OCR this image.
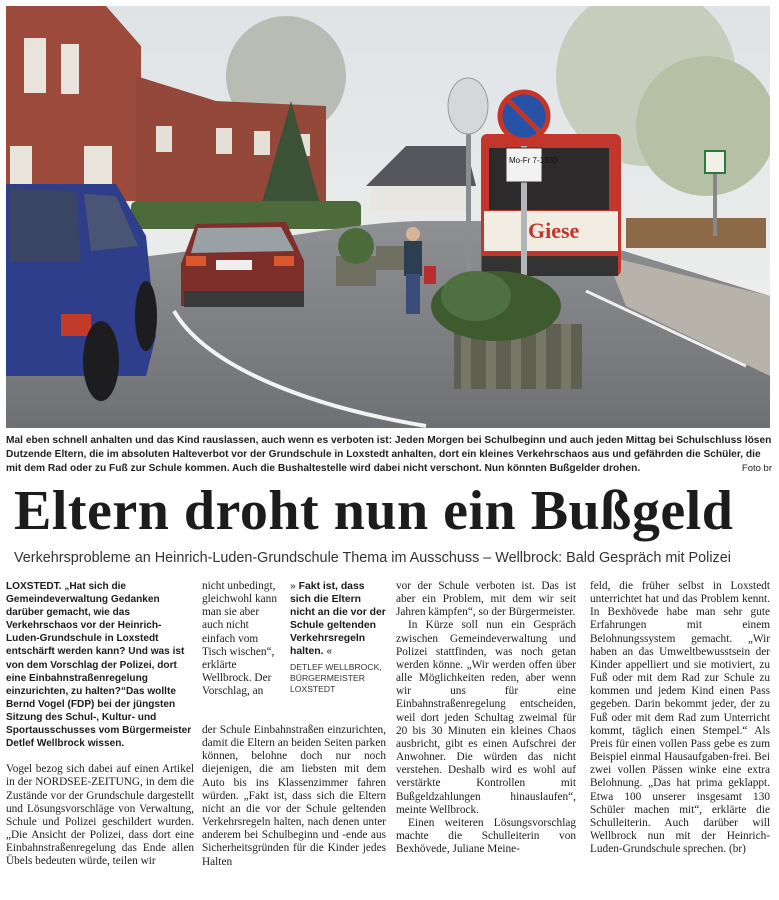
Giese
Mo-Fr 7-1330
Mal eben schnell anhalten und das Kind rauslassen, auch wenn es verboten ist: Jeden Morgen bei Schulbeginn und auch jeden Mittag bei Schulschluss lösen Dutzende Eltern, die im absoluten Halteverbot vor der Grundschule in Loxstedt anhalten, dort ein kleines Verkehrschaos aus und gefährden die Schüler, die mit dem Rad oder zu Fuß zur Schule kommen. Auch die Bushaltestelle wird dabei nicht verschont. Nun könnten Bußgelder drohen.	Foto br
Eltern droht nun ein Bußgeld
Verkehrsprobleme an Heinrich-Luden-Grundschule Thema im Ausschuss – Wellbrock: Bald Gespräch mit Polizei

LOXSTEDT. „Hat sich die Gemeindeverwaltung Gedanken darüber gemacht, wie das Verkehrschaos vor der Heinrich-Luden-Grundschule in Loxstedt entschärft werden kann? Und was ist von dem Vorschlag der Polizei, dort eine Einbahnstraßenregelung einzurichten, zu halten?“Das wollte Bernd Vogel (FDP) bei der jüngsten Sitzung des Schul-, Kultur- und Sportausschusses vom Bürgermeister Detlef Wellbrock wissen.

Vogel bezog sich dabei auf einen Artikel in der NORDSEE-ZEITUNG, in dem die Zustände vor der Grundschule dargestellt und Lösungsvorschläge von Verwaltung, Schule und Polizei geschildert wurden. „Die Ansicht der Polizei, dass dort eine Einbahnstraßenregelung das Ende allen Übels bedeuten würde, teilen wir

nicht unbedingt, gleichwohl kann man sie aber auch nicht einfach vom Tisch wischen“, erklärte Wellbrock. Der Vorschlag, an

» Fakt ist, dass sich die Eltern nicht an die vor der Schule geltenden Verkehrsregeln halten. «
DETLEF WELLBROCK,
BÜRGERMEISTER
LOXSTEDT

der Schule Einbahnstraßen einzurichten, damit die Eltern an beiden Seiten parken können, belohne doch nur noch diejenigen, die am liebsten mit dem Auto bis ins Klassenzimmer fahren würden. „Fakt ist, dass sich die Eltern nicht an die vor der Schule geltenden Verkehrsregeln halten, nach denen unter anderem bei Schulbeginn und -ende aus Sicherheitsgründen für die Kinder jedes Halten

vor der Schule verboten ist. Das ist aber ein Problem, mit dem wir seit Jahren kämpfen“, so der Bürgermeister.

In Kürze soll nun ein Gespräch zwischen Gemeindeverwaltung und Polizei stattfinden, was noch getan werden könne. „Wir werden offen über alle Möglichkeiten reden, aber wenn wir uns für eine Einbahnstraßenregelung entscheiden, weil dort jeden Schultag zweimal für 20 bis 30 Minuten ein kleines Chaos ausbricht, gibt es einen Aufschrei der Anwohner. Die würden das nicht verstehen. Deshalb wird es wohl auf verstärkte Kontrollen mit Bußgeldzahlungen hinauslaufen“, meinte Wellbrock.

Einen weiteren Lösungsvorschlag machte die Schulleiterin von Bexhövede, Juliane Meine-

feld, die früher selbst in Loxstedt unterrichtet hat und das Problem kennt. In Bexhövede habe man sehr gute Erfahrungen mit einem Belohnungssystem gemacht. „Wir haben an das Umweltbewusstsein der Kinder appelliert und sie motiviert, zu Fuß oder mit dem Rad zur Schule zu kommen und jedem Kind einen Pass gegeben. Darin bekommt jeder, der zu Fuß oder mit dem Rad zum Unterricht kommt, täglich einen Stempel.“ Als Preis für einen vollen Pass gebe es zum Beispiel einmal Hausaufgaben-frei. Bei zwei vollen Pässen winke eine extra Belohnung. „Das hat prima geklappt. Etwa 100 unserer insgesamt 130 Schüler machen mit“, erklärte die Schulleiterin. Auch darüber will Wellbrock nun mit der Heinrich-Luden-Grundschule sprechen. (br)
